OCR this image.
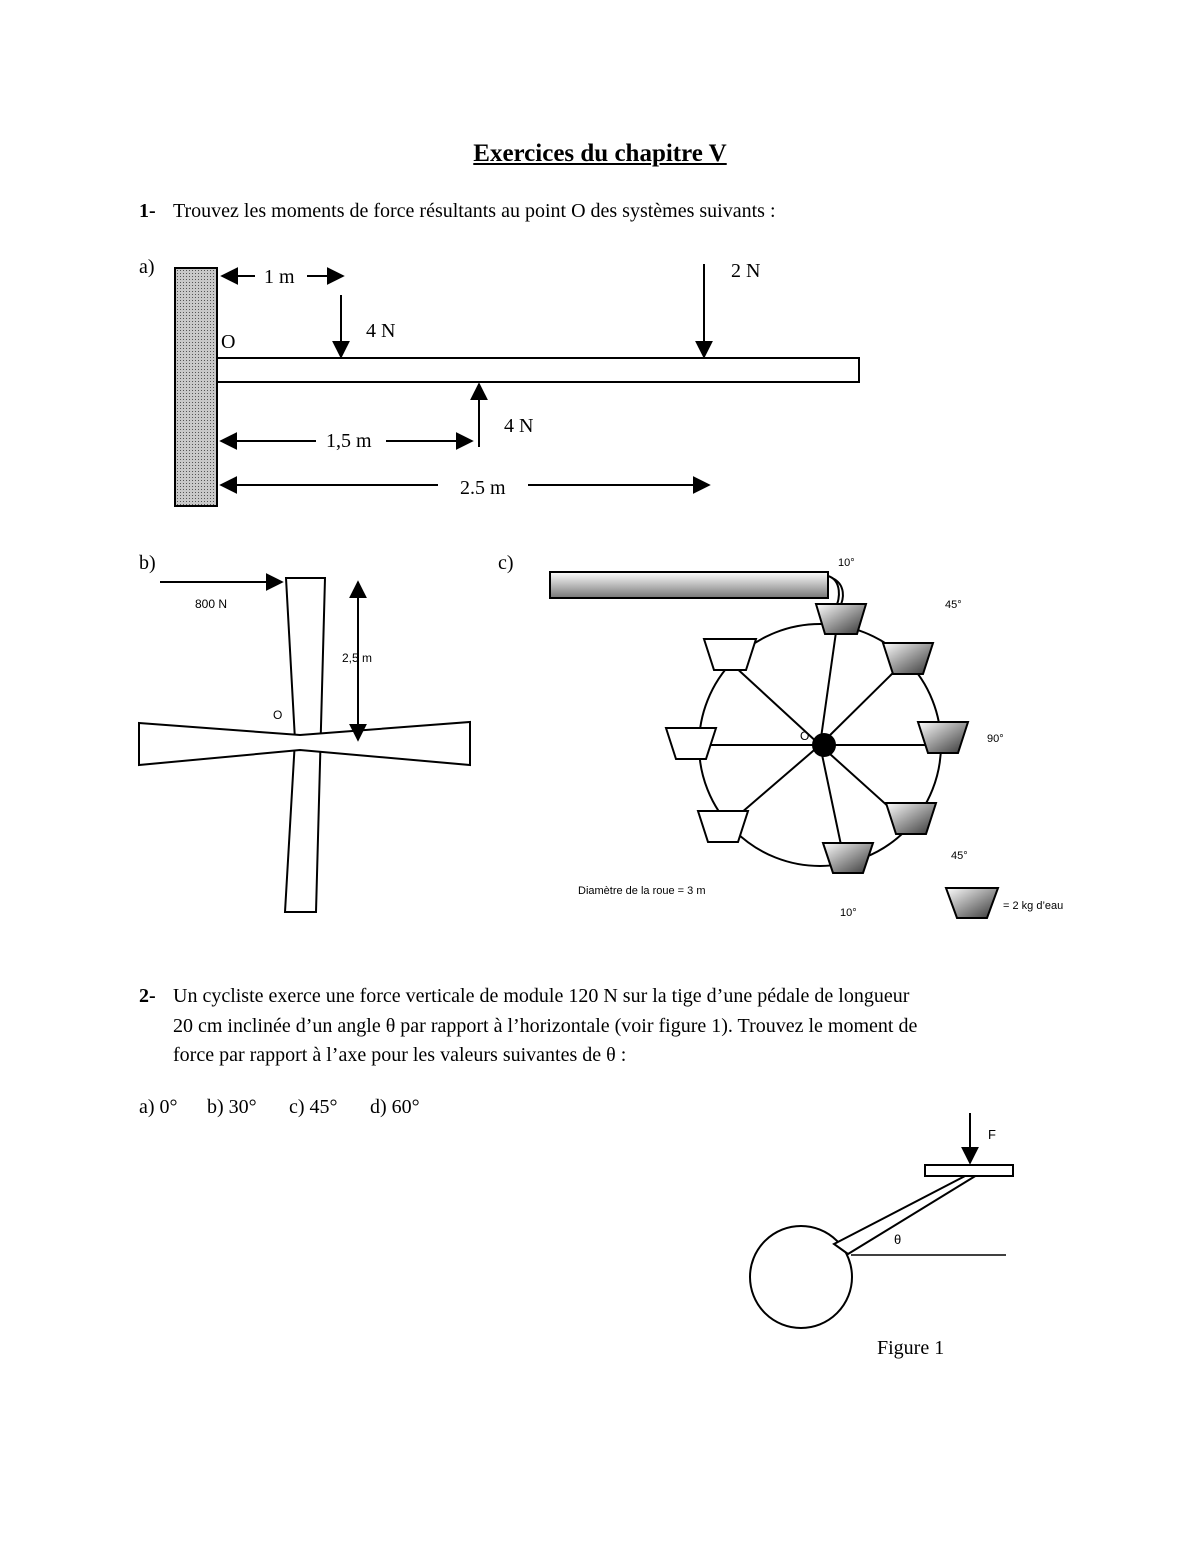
Exercices du chapitre V
1- Trouvez les moments de force résultants au point O des systèmes suivants :
a)	1 m
4 N
2 N
O
4 N
1,5 m
2.5 m
800 N
2,5 m
O
10°
45°
90°
45°
10°
O
Diamètre de la roue = 3 m
= 2 kg d’eau
F
θ
b)	c)
2- Un cycliste exerce une force verticale de module 120 N sur la tige d’une pédale de longueur
20 cm inclinée d’un angle θ par rapport à l’horizontale (voir figure 1). Trouvez le moment de
force par rapport à l’axe pour les valeurs suivantes de θ :
a) 0° b) 30° c) 45° d) 60°
Figure 1
